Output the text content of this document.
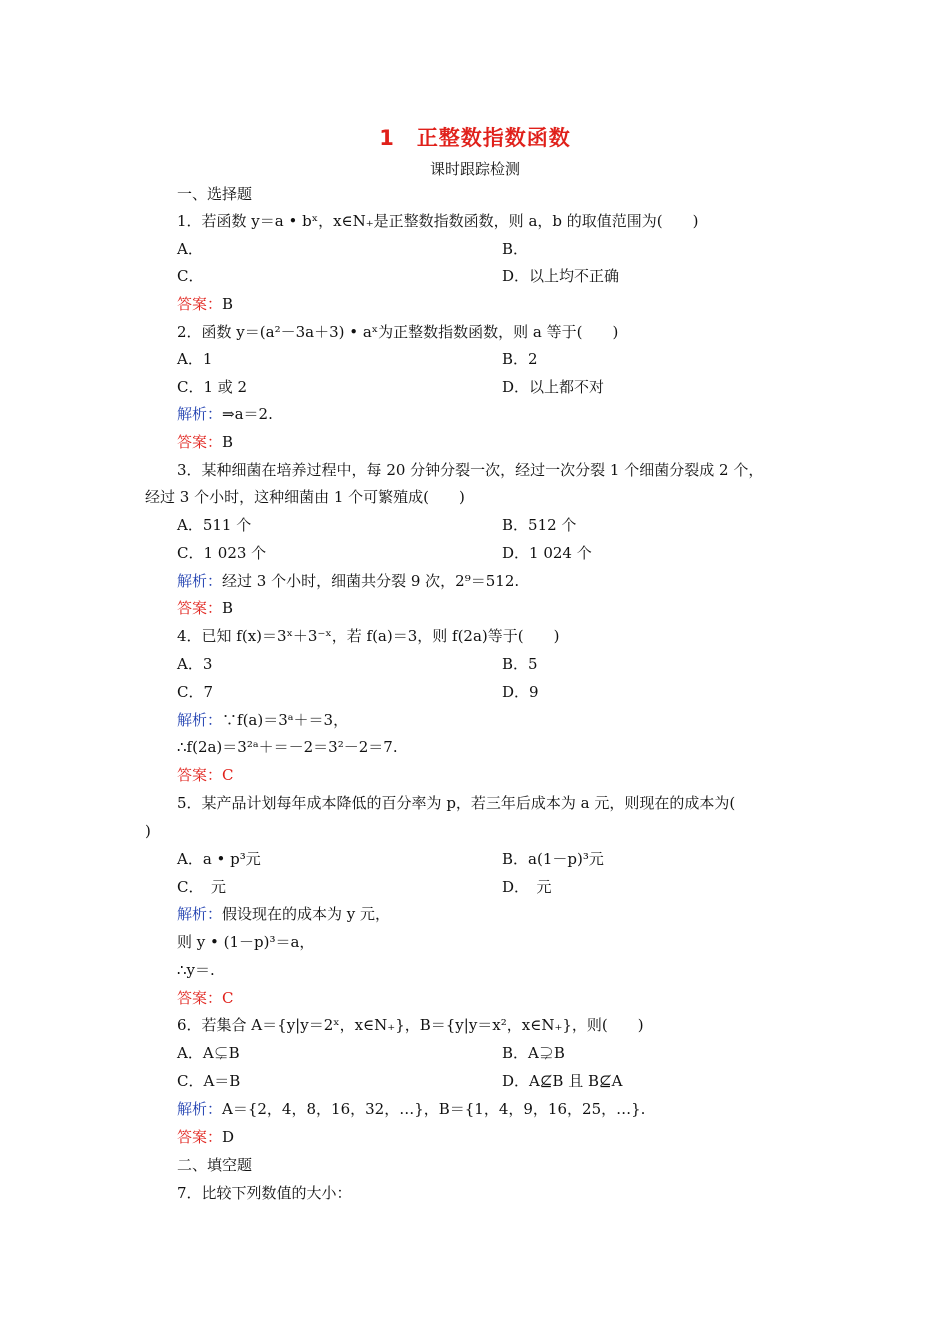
1 正整数指数函数
课时跟踪检测
一、选择题
1．若函数 y＝a • bˣ，x∈N₊是正整数指数函数，则 a，b 的取值范围为(　　)
A．	B．
C．	D．以上均不正确
答案：B
2．函数 y＝(a²－3a＋3) • aˣ为正整数指数函数，则 a 等于(　　)
A．1	B．2
C．1 或 2	D．以上都不对
解析：⇒a＝2.
答案：B
3．某种细菌在培养过程中，每 20 分钟分裂一次，经过一次分裂 1 个细菌分裂成 2 个，
经过 3 个小时，这种细菌由 1 个可繁殖成(　　)
A．511 个	B．512 个
C．1 023 个	D．1 024 个
解析：经过 3 个小时，细菌共分裂 9 次，2⁹＝512.
答案：B
4．已知 f(x)＝3ˣ＋3⁻ˣ，若 f(a)＝3，则 f(2a)等于(　　)
A．3	B．5
C．7	D．9
解析：∵f(a)＝3ᵃ＋＝3，
∴f(2a)＝3²ᵃ＋＝－2＝3²－2＝7.
答案：C
5．某产品计划每年成本降低的百分率为 p，若三年后成本为 a 元，则现在的成本为(
)
A．a • p³元	B．a(1－p)³元
C．　元	D．　元
解析：假设现在的成本为 y 元，
则 y • (1－p)³＝a，
∴y＝.
答案：C
6．若集合 A＝{y|y＝2ˣ，x∈N₊}，B＝{y|y＝x²，x∈N₊}，则(　　)
A．A⊊B	B．A⊋B
C．A＝B	D．A⊈B 且 B⊈A
解析：A＝{2，4，8，16，32，…}，B＝{1，4，9，16，25，…}.
答案：D
二、填空题
7．比较下列数值的大小：
